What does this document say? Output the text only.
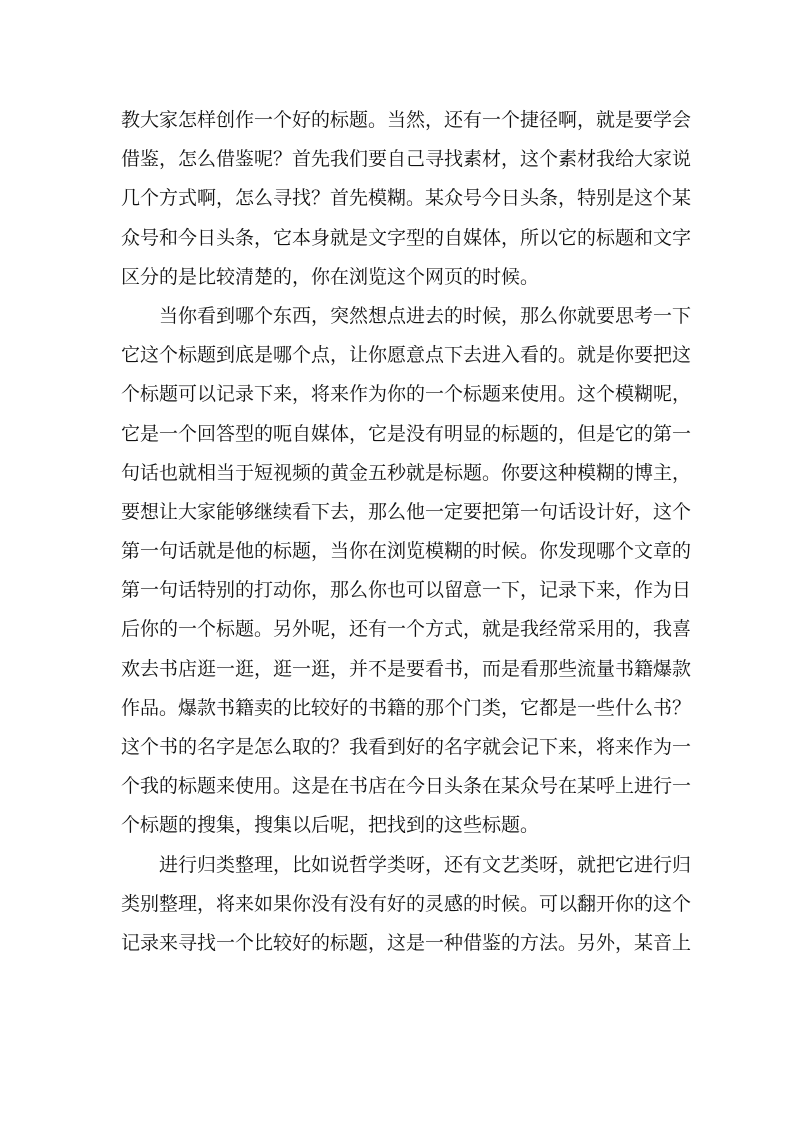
教大家怎样创作一个好的标题。当然，还有一个捷径啊，就是要学会
借鉴，怎么借鉴呢？首先我们要自己寻找素材，这个素材我给大家说
几个方式啊，怎么寻找？首先模糊。某众号今日头条，特别是这个某
众号和今日头条，它本身就是文字型的自媒体，所以它的标题和文字
区分的是比较清楚的，你在浏览这个网页的时候。
当你看到哪个东西，突然想点进去的时候，那么你就要思考一下
它这个标题到底是哪个点，让你愿意点下去进入看的。就是你要把这
个标题可以记录下来，将来作为你的一个标题来使用。这个模糊呢，
它是一个回答型的呃自媒体，它是没有明显的标题的，但是它的第一
句话也就相当于短视频的黄金五秒就是标题。你要这种模糊的博主，
要想让大家能够继续看下去，那么他一定要把第一句话设计好，这个
第一句话就是他的标题，当你在浏览模糊的时候。你发现哪个文章的
第一句话特别的打动你，那么你也可以留意一下，记录下来，作为日
后你的一个标题。另外呢，还有一个方式，就是我经常采用的，我喜
欢去书店逛一逛，逛一逛，并不是要看书，而是看那些流量书籍爆款
作品。爆款书籍卖的比较好的书籍的那个门类，它都是一些什么书？
这个书的名字是怎么取的？我看到好的名字就会记下来，将来作为一
个我的标题来使用。这是在书店在今日头条在某众号在某呼上进行一
个标题的搜集，搜集以后呢，把找到的这些标题。
进行归类整理，比如说哲学类呀，还有文艺类呀，就把它进行归
类别整理，将来如果你没有没有好的灵感的时候。可以翻开你的这个
记录来寻找一个比较好的标题，这是一种借鉴的方法。另外，某音上
